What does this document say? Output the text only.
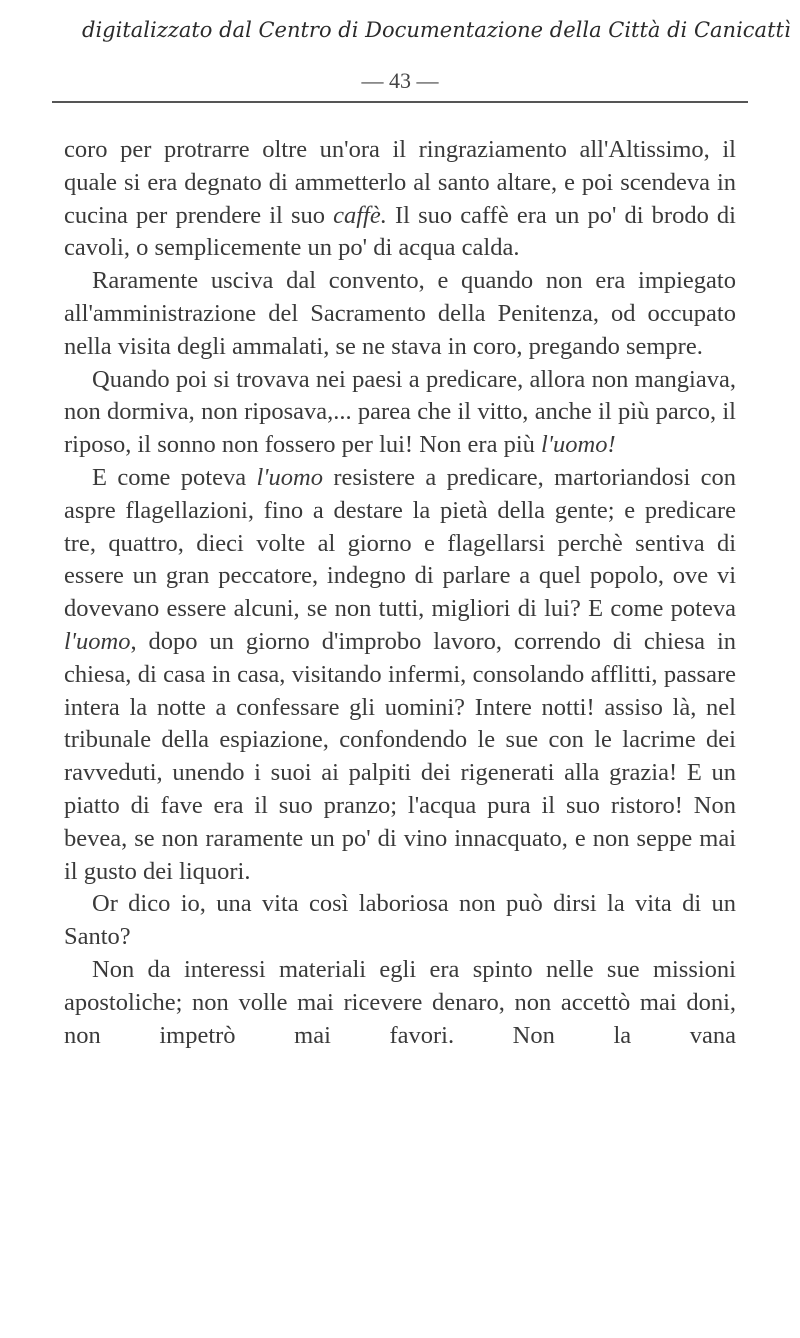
digitalizzato dal Centro di Documentazione della Città di Canicattì
— 43 —

coro per protrarre oltre un'ora il ringraziamento all'Altissimo, il quale si era degnato di ammetterlo al santo altare, e poi scendeva in cucina per prendere il suo caffè. Il suo caffè era un po' di brodo di cavoli, o semplicemente un po' di acqua calda.

Raramente usciva dal convento, e quando non era impiegato all'amministrazione del Sacramento della Penitenza, od occupato nella visita degli ammalati, se ne stava in coro, pregando sempre.

Quando poi si trovava nei paesi a predicare, allora non mangiava, non dormiva, non riposava,... parea che il vitto, anche il più parco, il riposo, il sonno non fossero per lui! Non era più l'uomo!

E come poteva l'uomo resistere a predicare, martoriandosi con aspre flagellazioni, fino a destare la pietà della gente; e predicare tre, quattro, dieci volte al giorno e flagellarsi perchè sentiva di essere un gran peccatore, indegno di parlare a quel popolo, ove vi dovevano essere alcuni, se non tutti, migliori di lui? E come poteva l'uomo, dopo un giorno d'improbo lavoro, correndo di chiesa in chiesa, di casa in casa, visitando infermi, consolando afflitti, passare intera la notte a confessare gli uomini? Intere notti! assiso là, nel tribunale della espiazione, confondendo le sue con le lacrime dei ravveduti, unendo i suoi ai palpiti dei rigenerati alla grazia! E un piatto di fave era il suo pranzo; l'acqua pura il suo ristoro! Non bevea, se non raramente un po' di vino innacquato, e non seppe mai il gusto dei liquori.

Or dico io, una vita così laboriosa non può dirsi la vita di un Santo?

Non da interessi materiali egli era spinto nelle sue missioni apostoliche; non volle mai ricevere denaro, non accettò mai doni, non impetrò mai favori. Non la vana
